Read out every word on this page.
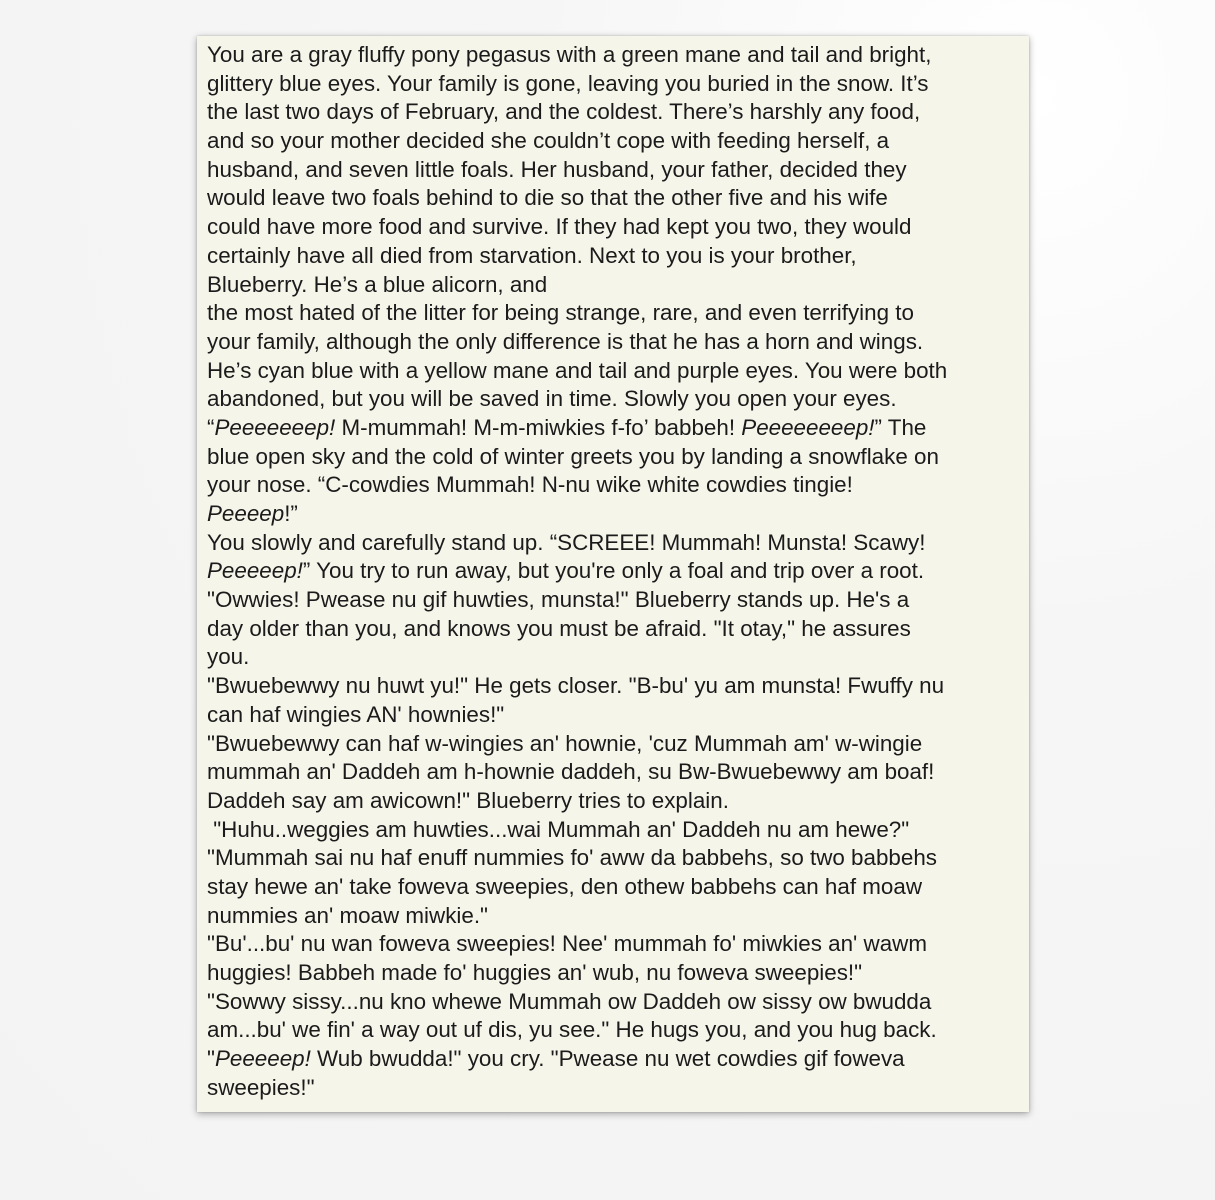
You are a gray fluffy pony pegasus with a green mane and tail and bright,
glittery blue eyes. Your family is gone, leaving you buried in the snow. It’s
the last two days of February, and the coldest. There’s harshly any food,
and so your mother decided she couldn’t cope with feeding herself, a
husband, and seven little foals. Her husband, your father, decided they
would leave two foals behind to die so that the other five and his wife
could have more food and survive. If they had kept you two, they would
certainly have all died from starvation. Next to you is your brother,
Blueberry. He’s a blue alicorn, and
the most hated of the litter for being strange, rare, and even terrifying to
your family, although the only difference is that he has a horn and wings.
He’s cyan blue with a yellow mane and tail and purple eyes. You were both
abandoned, but you will be saved in time. Slowly you open your eyes.
“Peeeeeeep! M-mummah! M-m-miwkies f-fo’ babbeh! Peeeeeeeep!” The
blue open sky and the cold of winter greets you by landing a snowflake on
your nose. “C-cowdies Mummah! N-nu wike white cowdies tingie!
Peeeep!”
You slowly and carefully stand up. “SCREEE! Mummah! Munsta! Scawy!
Peeeeep!” You try to run away, but you're only a foal and trip over a root.
"Owwies! Pwease nu gif huwties, munsta!" Blueberry stands up. He's a
day older than you, and knows you must be afraid. "It otay," he assures
you.
"Bwuebewwy nu huwt yu!" He gets closer. "B-bu' yu am munsta! Fwuffy nu
can haf wingies AN' hownies!"
"Bwuebewwy can haf w-wingies an' hownie, 'cuz Mummah am' w-wingie
mummah an' Daddeh am h-hownie daddeh, su Bw-Bwuebewwy am boaf!
Daddeh say am awicown!" Blueberry tries to explain.
"Huhu..weggies am huwties...wai Mummah an' Daddeh nu am hewe?"
"Mummah sai nu haf enuff nummies fo' aww da babbehs, so two babbehs
stay hewe an' take foweva sweepies, den othew babbehs can haf moaw
nummies an' moaw miwkie."
"Bu'...bu' nu wan foweva sweepies! Nee' mummah fo' miwkies an' wawm
huggies! Babbeh made fo' huggies an' wub, nu foweva sweepies!"
"Sowwy sissy...nu kno whewe Mummah ow Daddeh ow sissy ow bwudda
am...bu' we fin' a way out uf dis, yu see." He hugs you, and you hug back.
"Peeeeep! Wub bwudda!" you cry. "Pwease nu wet cowdies gif foweva
sweepies!"
